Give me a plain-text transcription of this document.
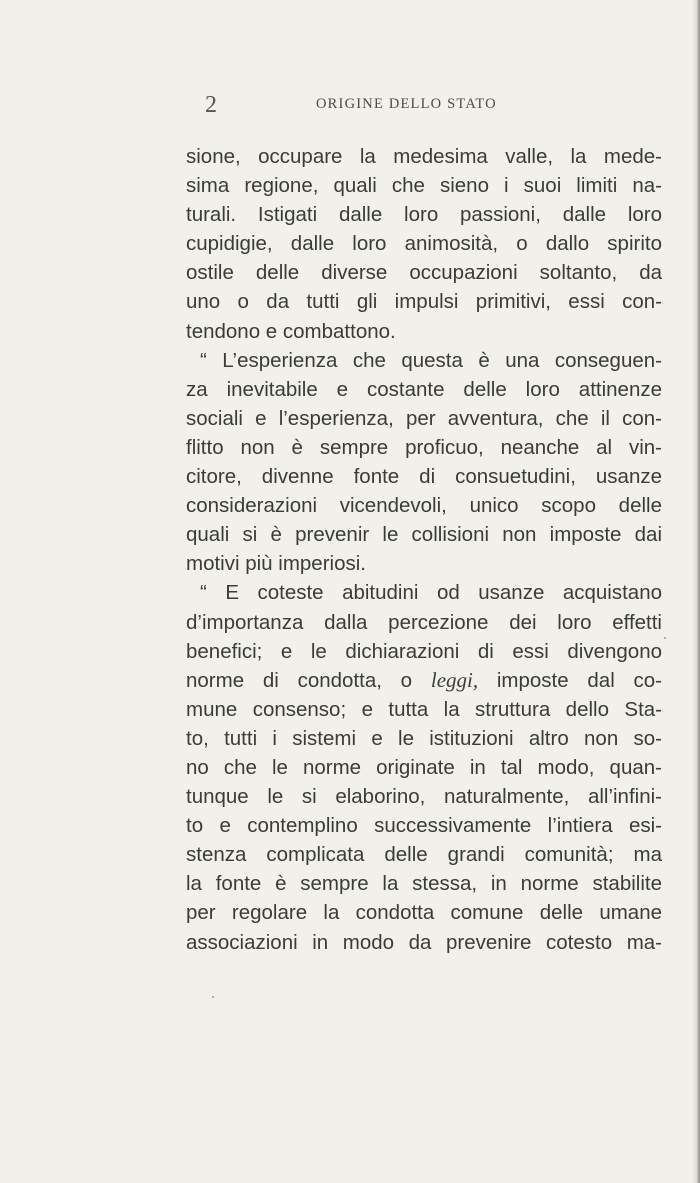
2	ORIGINE DELLO STATO
sione, occupare la medesima valle, la mede-
sima regione, quali che sieno i suoi limiti na-
turali. Istigati dalle loro passioni, dalle loro
cupidigie, dalle loro animosità, o dallo spirito
ostile delle diverse occupazioni soltanto, da
uno o da tutti gli impulsi primitivi, essi con-
tendono e combattono.
“ L’esperienza che questa è una conseguen-
za inevitabile e costante delle loro attinenze
sociali e l’esperienza, per avventura, che il con-
flitto non è sempre proficuo, neanche al vin-
citore, divenne fonte di consuetudini, usanze
considerazioni vicendevoli, unico scopo delle
quali si è prevenir le collisioni non imposte dai
motivi più imperiosi.
“ E coteste abitudini od usanze acquistano
d’importanza dalla percezione dei loro effetti
benefici; e le dichiarazioni di essi divengono
norme di condotta, o leggi, imposte dal co-
mune consenso; e tutta la struttura dello Sta-
to, tutti i sistemi e le istituzioni altro non so-
no che le norme originate in tal modo, quan-
tunque le si elaborino, naturalmente, all’infini-
to e contemplino successivamente l’intiera esi-
stenza complicata delle grandi comunità; ma
la fonte è sempre la stessa, in norme stabilite
per regolare la condotta comune delle umane
associazioni in modo da prevenire cotesto ma-
